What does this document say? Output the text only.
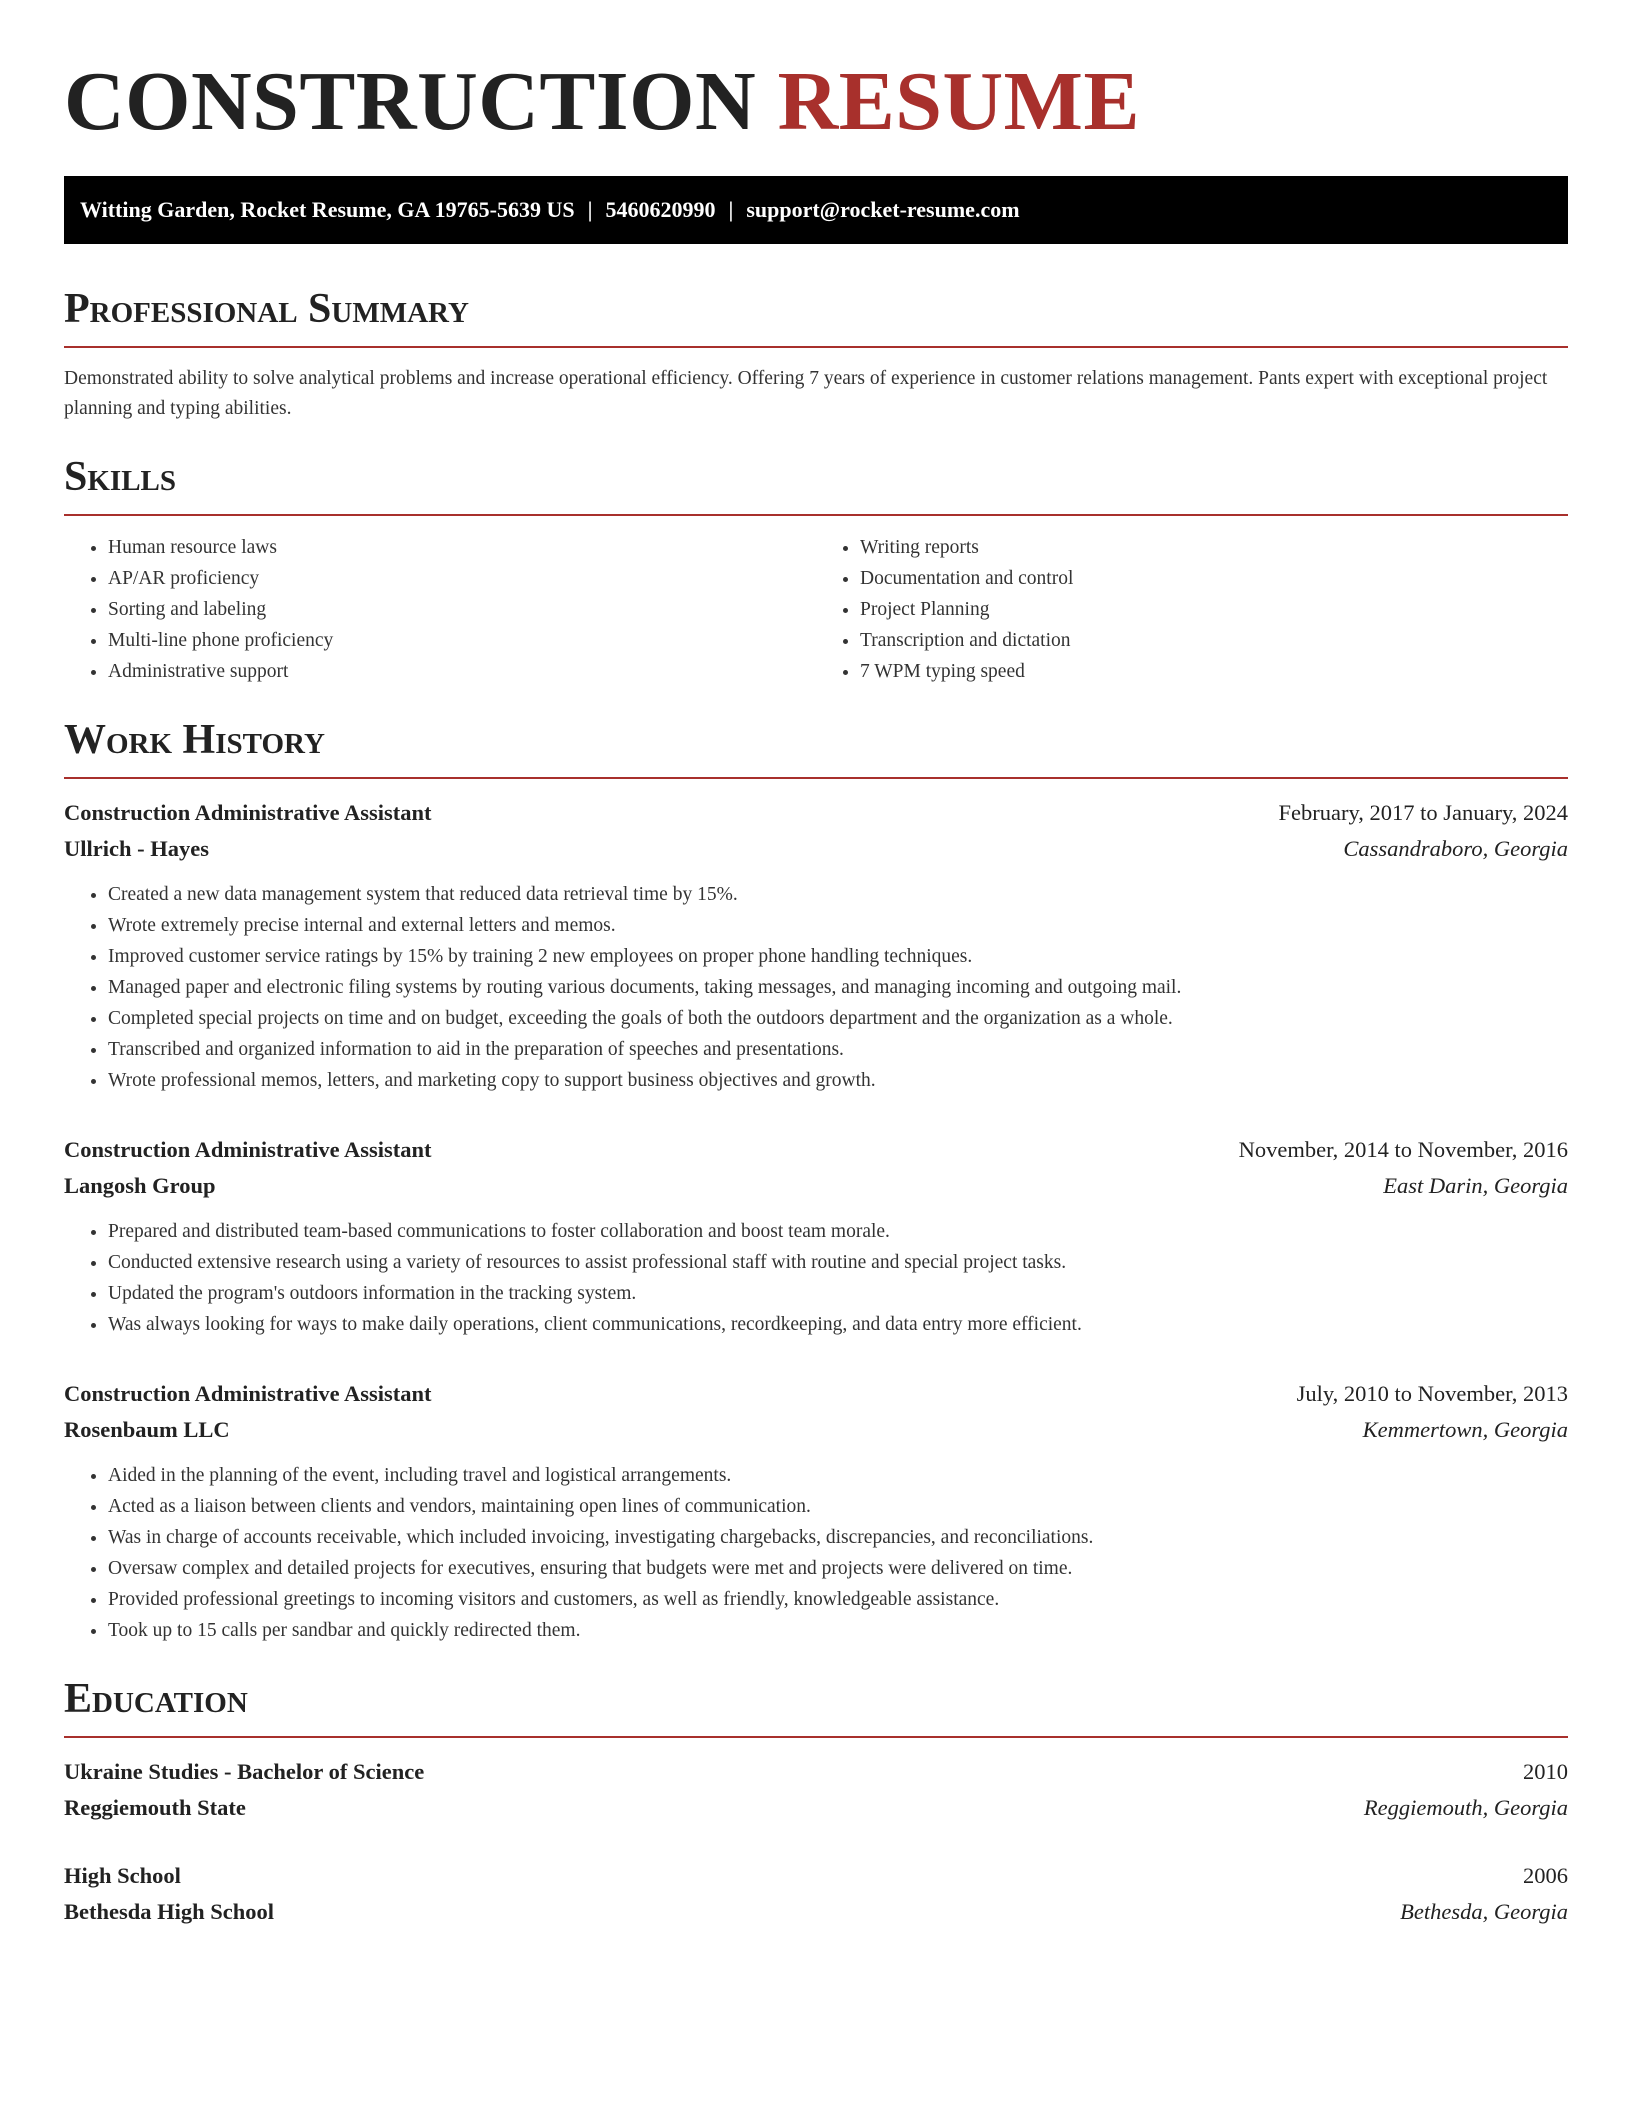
CONSTRUCTION RESUME
Witting Garden, Rocket Resume, GA 19765-5639 US | 5460620990 | support@rocket-resume.com
Professional Summary

Demonstrated ability to solve analytical problems and increase operational efficiency. Offering 7 years of experience in customer relations management. Pants expert with exceptional project planning and typing abilities.

Skills
• Human resource laws
• AP/AR proficiency
• Sorting and labeling
• Multi-line phone proficiency
• Administrative support
• Writing reports
• Documentation and control
• Project Planning
• Transcription and dictation
• 7 WPM typing speed
Work History
Construction Administrative Assistant	February, 2017 to January, 2024
Ullrich - Hayes	Cassandraboro, Georgia
• Created a new data management system that reduced data retrieval time by 15%.
• Wrote extremely precise internal and external letters and memos.
• Improved customer service ratings by 15% by training 2 new employees on proper phone handling techniques.
• Managed paper and electronic filing systems by routing various documents, taking messages, and managing incoming and outgoing mail.
• Completed special projects on time and on budget, exceeding the goals of both the outdoors department and the organization as a whole.
• Transcribed and organized information to aid in the preparation of speeches and presentations.
• Wrote professional memos, letters, and marketing copy to support business objectives and growth.
Construction Administrative Assistant	November, 2014 to November, 2016
Langosh Group	East Darin, Georgia
• Prepared and distributed team-based communications to foster collaboration and boost team morale.
• Conducted extensive research using a variety of resources to assist professional staff with routine and special project tasks.
• Updated the program's outdoors information in the tracking system.
• Was always looking for ways to make daily operations, client communications, recordkeeping, and data entry more efficient.
Construction Administrative Assistant	July, 2010 to November, 2013
Rosenbaum LLC	Kemmertown, Georgia
• Aided in the planning of the event, including travel and logistical arrangements.
• Acted as a liaison between clients and vendors, maintaining open lines of communication.
• Was in charge of accounts receivable, which included invoicing, investigating chargebacks, discrepancies, and reconciliations.
• Oversaw complex and detailed projects for executives, ensuring that budgets were met and projects were delivered on time.
• Provided professional greetings to incoming visitors and customers, as well as friendly, knowledgeable assistance.
• Took up to 15 calls per sandbar and quickly redirected them.
Education
Ukraine Studies - Bachelor of Science	2010
Reggiemouth State	Reggiemouth, Georgia
High School	2006
Bethesda High School	Bethesda, Georgia
